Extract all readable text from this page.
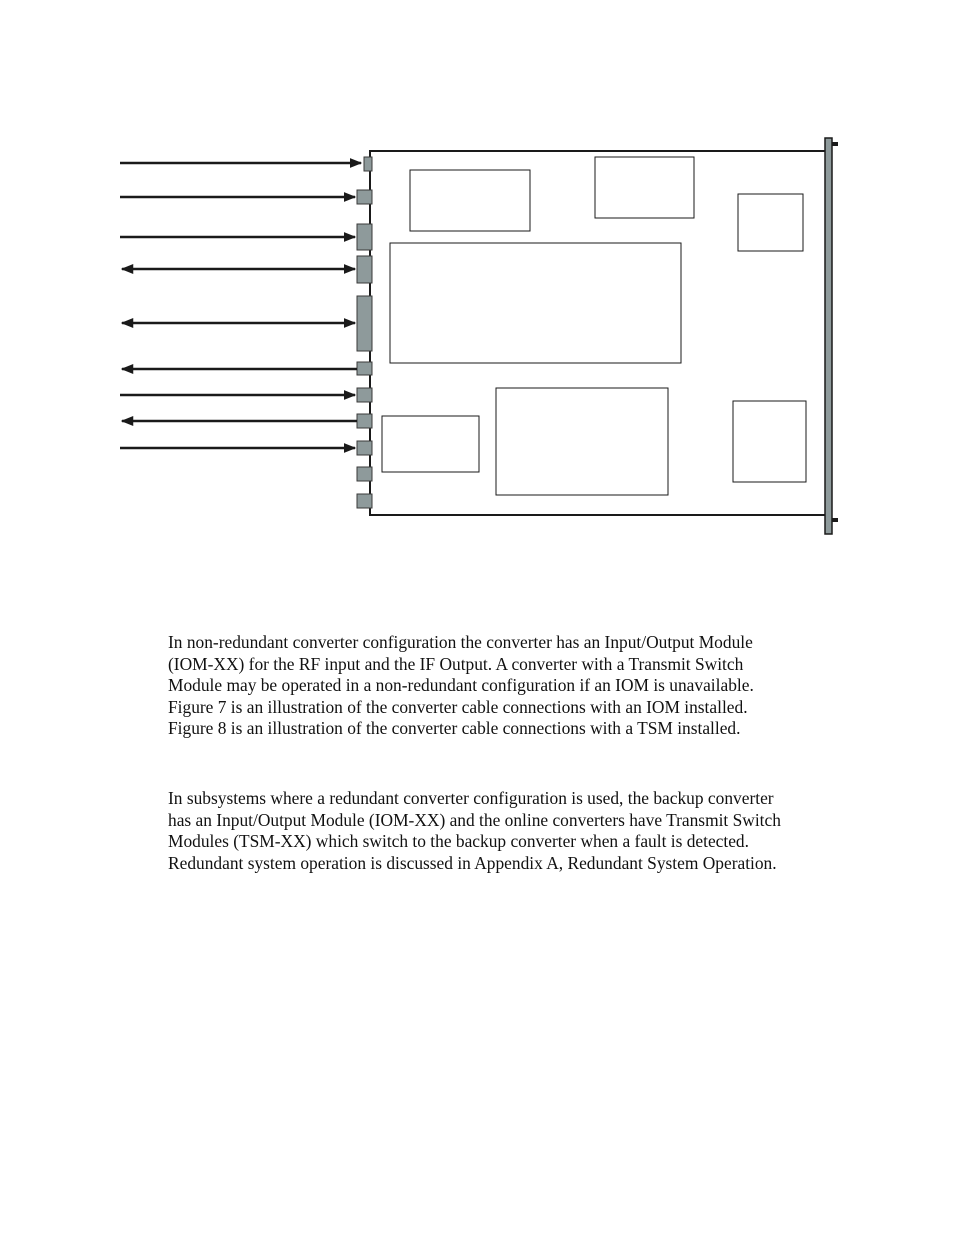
In non-redundant converter configuration the converter has an Input/Output Module
(IOM-XX) for the RF input and the IF Output. A converter with a Transmit Switch
Module may be operated in a non-redundant configuration if an IOM is unavailable.
Figure 7 is an illustration of the converter cable connections with an IOM installed.
Figure 8 is an illustration of the converter cable connections with a TSM installed.

In subsystems where a redundant converter configuration is used, the backup converter
has an Input/Output Module (IOM-XX) and the online converters have Transmit Switch
Modules (TSM-XX) which switch to the backup converter when a fault is detected.
Redundant system operation is discussed in Appendix A, Redundant System Operation.
